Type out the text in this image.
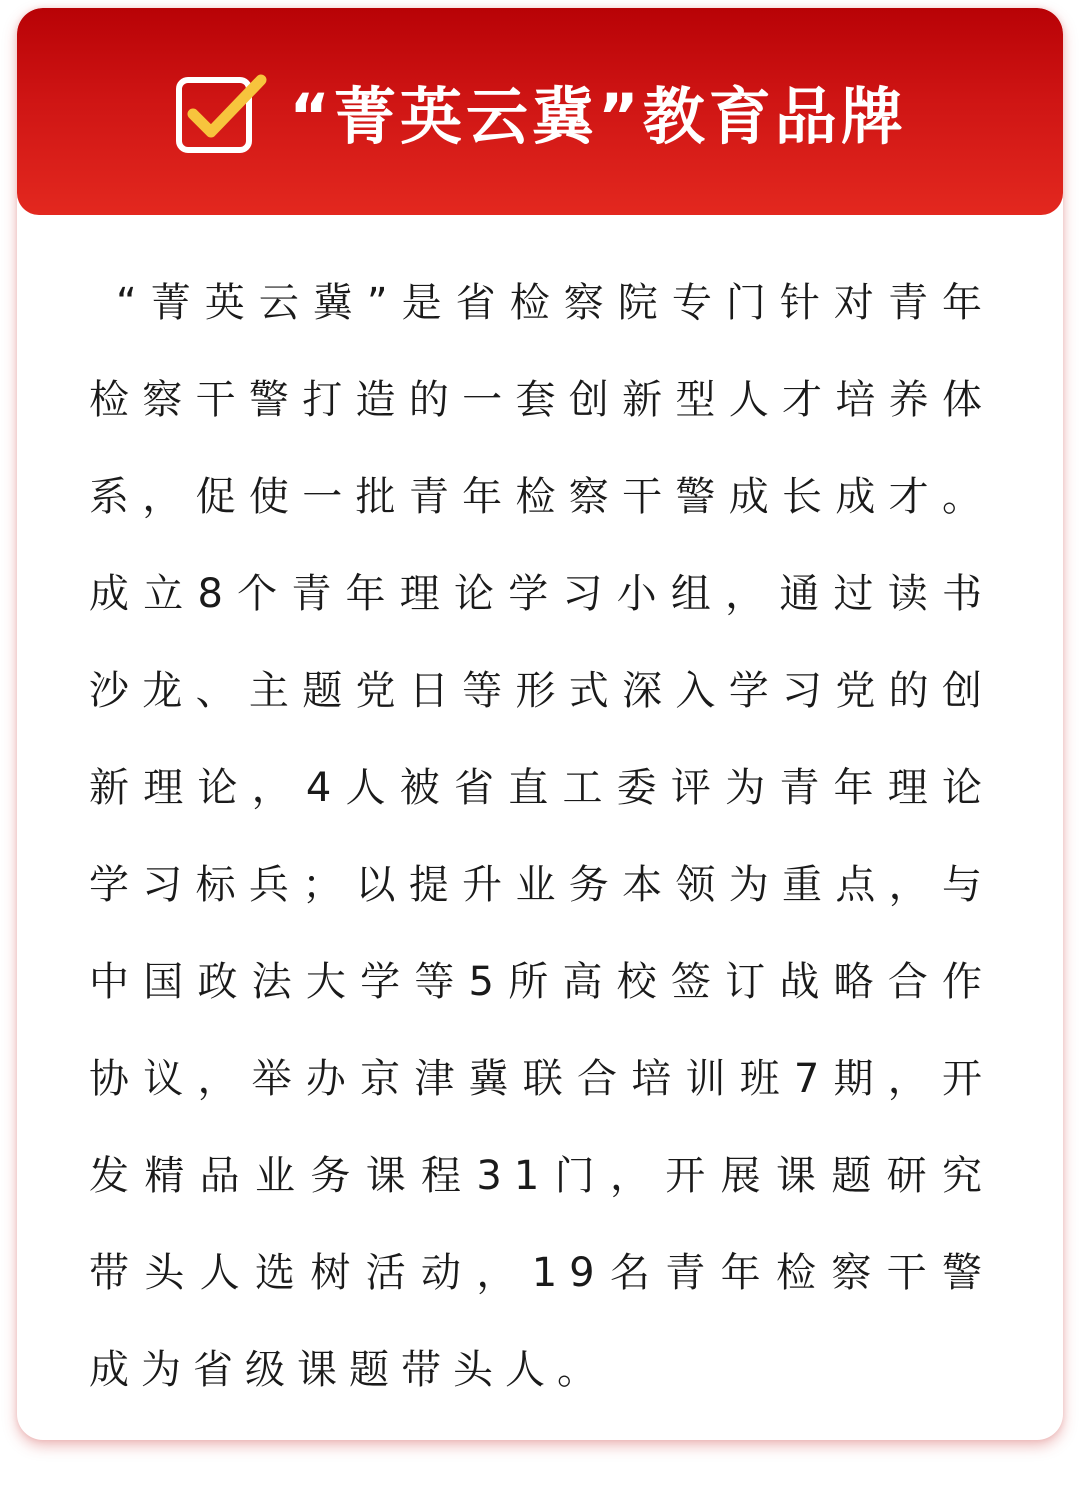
“菁英云冀”教育品牌

“菁英云冀”是省检察院专门针对青年检察干警打造的一套创新型人才培养体系，促使一批青年检察干警成长成才。成立8个青年理论学习小组，通过读书沙龙、主题党日等形式深入学习党的创新理论，4人被省直工委评为青年理论学习标兵；以提升业务本领为重点，与中国政法大学等5所高校签订战略合作协议，举办京津冀联合培训班7期，开发精品业务课程31门，开展课题研究带头人选树活动，19名青年检察干警成为省级课题带头人。
